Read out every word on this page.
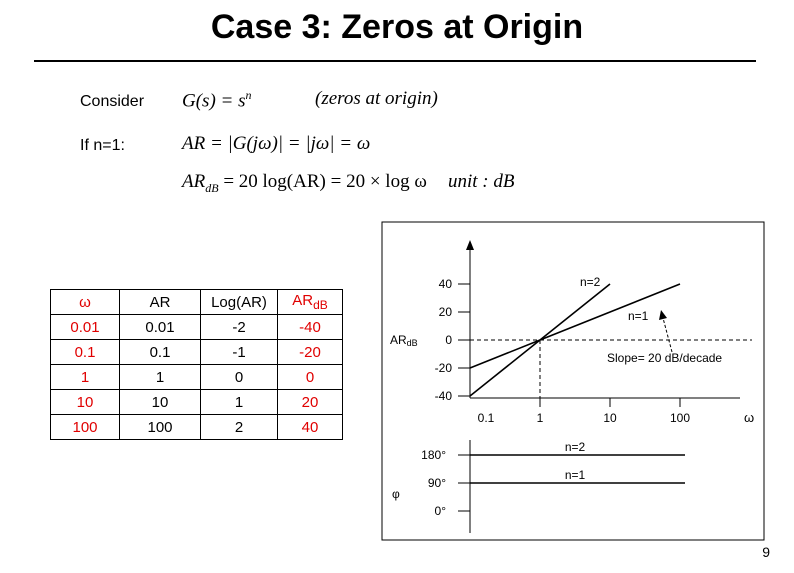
Case 3: Zeros at Origin
Consider $G(s) = s^n$	(zeros at origin)
If n=1:	AR = |G(jω)| = |jω| = ω
$AR_{dB} = 20$ log(AR) = 20 × log ω unit : dB
ω	AR	Log(AR)	$AR_{dB}$
0.01	0.01	-2	-40
0.1	0.1	-1	-20
1	1	0	0
10	10	1	20
100	100	2	40
40
20
0
-20
-40
0.1	1	10	100
n=2
n=1
Slope= 20 dB/decade
ARdB
ω
180°
90°
0°
n=2
n=1
φ
9
